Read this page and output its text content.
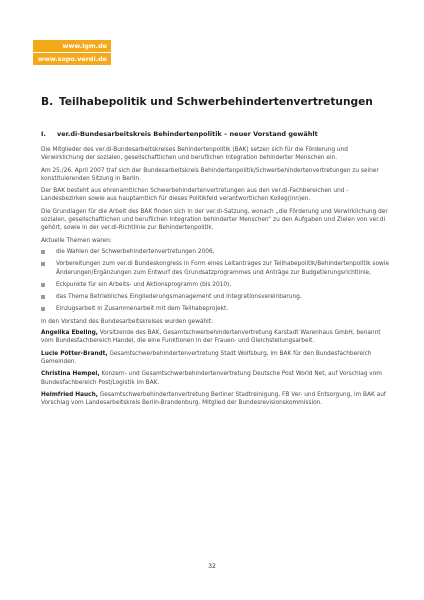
www.igm.de
www.sopo.verdi.de
B. Teilhabepolitik und Schwerbehindertenvertretungen
I. ver.di-Bundesarbeitskreis Behindertenpolitik – neuer Vorstand gewählt

Die Mitglieder des ver.di-Bundesarbeitskreises Behindertenpolitik (BAK) setzen sich für die Förderung und Verwirklichung der sozialen, gesellschaftlichen und beruflichen Integration behinderter Menschen ein.

Am 25./26. April 2007 traf sich der Bundesarbeitskreis Behindertenpolitik/Schwerbehindertenvertretungen zu seiner konstituierenden Sitzung in Berlin.

Der BAK besteht aus ehrenamtlichen Schwerbehindertenvertretungen aus den ver.di-Fachbereichen und -Landesbezirken sowie aus hauptamtlich für dieses Politikfeld verantwortlichen Kolleg(inn)en.

Die Grundlagen für die Arbeit des BAK finden sich in der ver.di-Satzung, wonach „die Förderung und Verwirklichung der sozialen, gesellschaftlichen und beruflichen Integration behinderter Menschen“ zu den Aufgaben und Zielen von ver.di gehört, sowie in der ver.di-Richtlinie zur Behindertenpolitik.

Aktuelle Themen waren:

die Wahlen der Schwerbehindertenvertretungen 2006,
Vorbereitungen zum ver.di Bundeskongress in Form eines Leitantrages zur Teilhabepolitik/Behindertenpolitik sowie Änderungen/Ergänzungen zum Entwurf des Grundsatzprogrammes und Anträge zur Budgetierungsrichtlinie,
Eckpunkte für ein Arbeits- und Aktionsprogramm (bis 2010),
das Thema Betriebliches Eingliederungsmanagement und Integrationsvereinbarung,
Einzugsarbeit in Zusammenarbeit mit dem Teilhabeprojekt.

In den Vorstand des Bundesarbeitskreises wurden gewählt:

Angelika Ebeling, Vorsitzende des BAK, Gesamtschwerbehindertenvertretung Karstadt Warenhaus GmbH, benannt vom Bundesfachbereich Handel, die eine Funktionen in der Frauen- und Gleichstellungsarbeit.

Lucie Pötter-Brandt, Gesamtschwerbehindertenvertretung Stadt Wolfsburg, im BAK für den Bundesfachbereich Gemeinden.

Christina Hempel, Konzern- und Gesamtschwerbehindertenvertretung Deutsche Post World Net, auf Vorschlag vom Bundesfachbereich Post/Logistik im BAK.

Helmfried Hauch, Gesamtschwerbehindertenvertretung Berliner Stadtreinigung, FB Ver- und Entsorgung, im BAK auf Vorschlag vom Landesarbeitskreis Berlin-Brandenburg. Mitglied der Bundesrevisionskommission.

32
